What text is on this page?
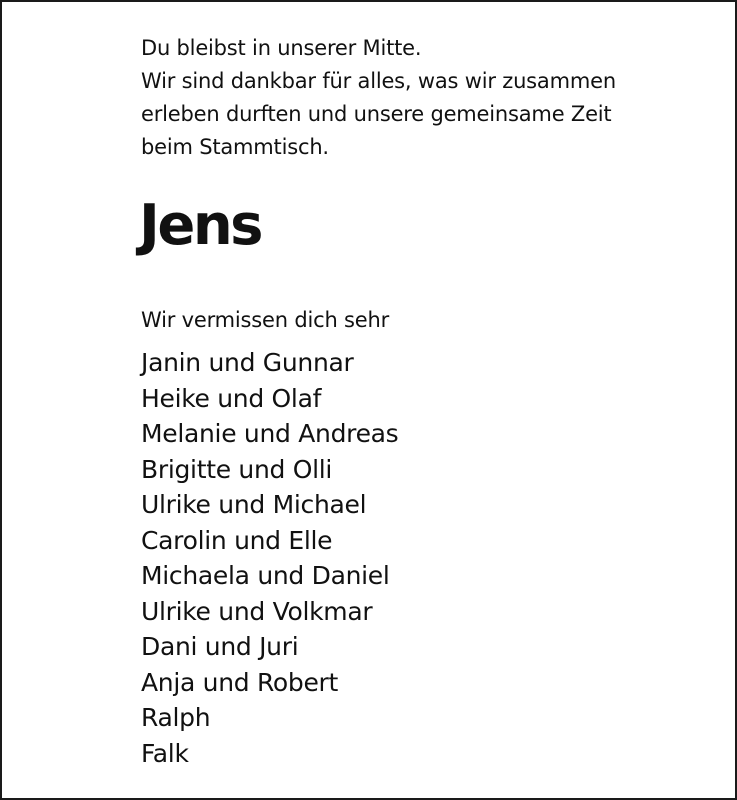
Du bleibst in unserer Mitte.
Wir sind dankbar für alles, was wir zusammen
erleben durften und unsere gemeinsame Zeit
beim Stammtisch.
Jens
Wir vermissen dich sehr
Janin und Gunnar
Heike und Olaf
Melanie und Andreas
Brigitte und Olli
Ulrike und Michael
Carolin und Elle
Michaela und Daniel
Ulrike und Volkmar
Dani und Juri
Anja und Robert
Ralph
Falk
